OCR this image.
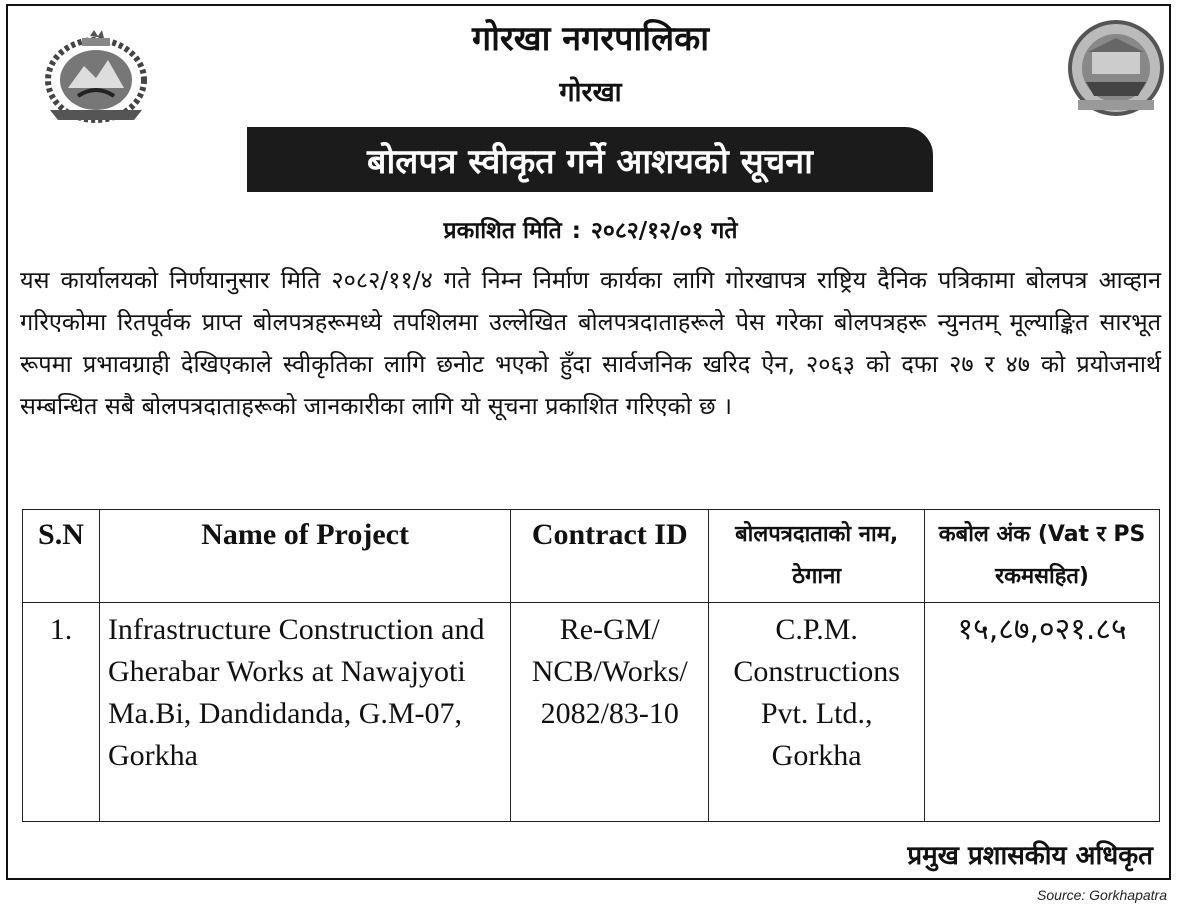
गोरखा नगरपालिका
गोरखा
बोलपत्र स्वीकृत गर्ने आशयको सूचना
प्रकाशित मिति : २०८२/१२/०१ गते
यस कार्यालयको निर्णयानुसार मिति २०८२/११/४ गते निम्न निर्माण कार्यका लागि गोरखापत्र राष्ट्रिय दैनिक पत्रिकामा बोलपत्र आव्हान गरिएकोमा रितपूर्वक प्राप्त बोलपत्रहरूमध्ये तपशिलमा उल्लेखित बोलपत्रदाताहरूले पेस गरेका बोलपत्रहरू न्युनतम् मूल्याङ्कित सारभूत रूपमा प्रभावग्राही देखिएकाले स्वीकृतिका लागि छनोट भएको हुँदा सार्वजनिक खरिद ऐन, २०६३ को दफा २७ र ४७ को प्रयोजनार्थ सम्बन्धित सबै बोलपत्रदाताहरूको जानकारीका लागि यो सूचना प्रकाशित गरिएको छ ।
S.N	Name of Project	Contract ID	बोलपत्रदाताको नाम, ठेगाना	कबोल अंक (Vat र PS रकमसहित)
1.	Infrastructure Construction and Gherabar Works at Nawajyoti Ma.Bi, Dandidanda, G.M-07, Gorkha	Re-GM/ NCB/Works/ 2082/83-10	C.P.M. Constructions Pvt. Ltd., Gorkha	१५,८७,०२१.८५
प्रमुख प्रशासकीय अधिकृत
Source: Gorkhapatra
